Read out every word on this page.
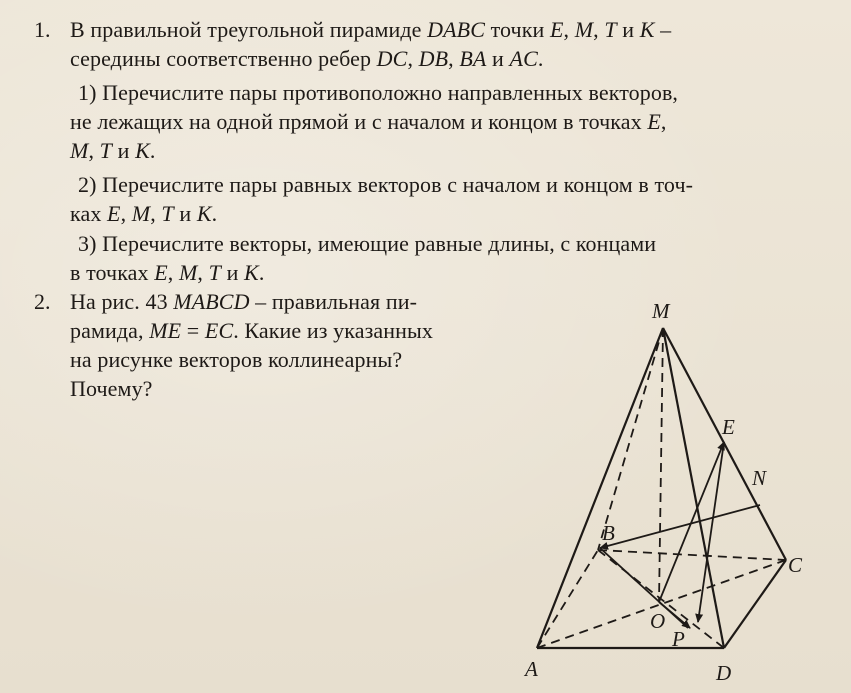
1. В правильной треугольной пирамиде DABC точки E, M, T и K –
середины соответственно ребер DC, DB, BA и AC.
1) Перечислите пары противоположно направленных векторов,
не лежащих на одной прямой и с началом и концом в точках E,
M, T и K.
2) Перечислите пары равных векторов с началом и концом в точ-
ках E, M, T и K.
3) Перечислите векторы, имеющие равные длины, с концами
в точках E, M, T и K.
2. На рис. 43 MABCD – правильная пи-
рамида, ME = EC. Какие из указанных
на рисунке векторов коллинеарны?
Почему?
M
E
N
B
C
O
P
A	D
